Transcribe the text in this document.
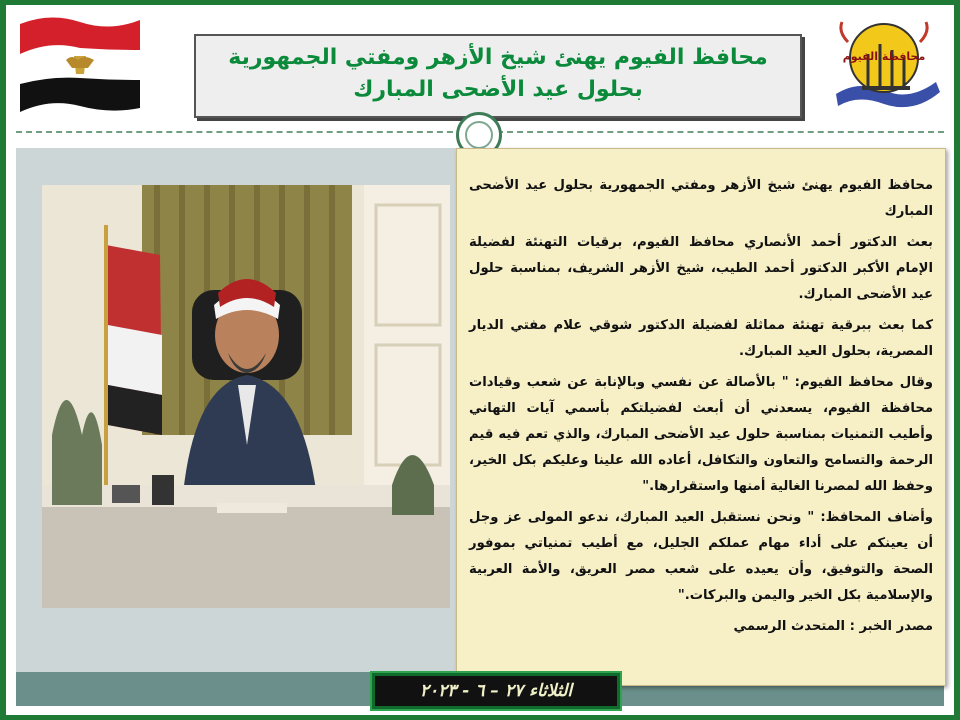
محافظة الفيوم
محافظ الفيوم يهنئ شيخ الأزهر ومفتي الجمهورية بحلول عيد الأضحى المبارك

محافظ الفيوم يهنئ شيخ الأزهر ومفتي الجمهورية بحلول عيد الأضحى المبارك

بعث الدكتور أحمد الأنصاري محافظ الفيوم، برقيات التهنئة لفضيلة الإمام الأكبر الدكتور أحمد الطيب، شيخ الأزهر الشريف، بمناسبة حلول عيد الأضحى المبارك.

كما بعث ببرقية تهنئة مماثلة لفضيلة الدكتور شوقي علام مفتي الديار المصرية، بحلول العيد المبارك.

وقال محافظ الفيوم: " بالأصالة عن نفسي وبالإنابة عن شعب وقيادات محافظة الفيوم، يسعدني أن أبعث لفضيلتكم بأسمي آيات التهاني وأطيب التمنيات بمناسبة حلول عيد الأضحى المبارك، والذي تعم فيه قيم الرحمة والتسامح والتعاون والتكافل، أعاده الله علينا وعليكم بكل الخير، وحفظ الله لمصرنا الغالية أمنها واستقرارها."

وأضاف المحافظ: " ونحن نستقبل العيد المبارك، ندعو المولى عز وجل أن يعينكم على أداء مهام عملكم الجليل، مع أطيب تمنياتي بموفور الصحة والتوفيق، وأن يعيده على شعب مصر العريق، والأمة العربية والإسلامية بكل الخير واليمن والبركات."

مصدر الخبر : المتحدث الرسمي

الثلاثاء ٢٧ – ٦ - ٢٠٢٣
